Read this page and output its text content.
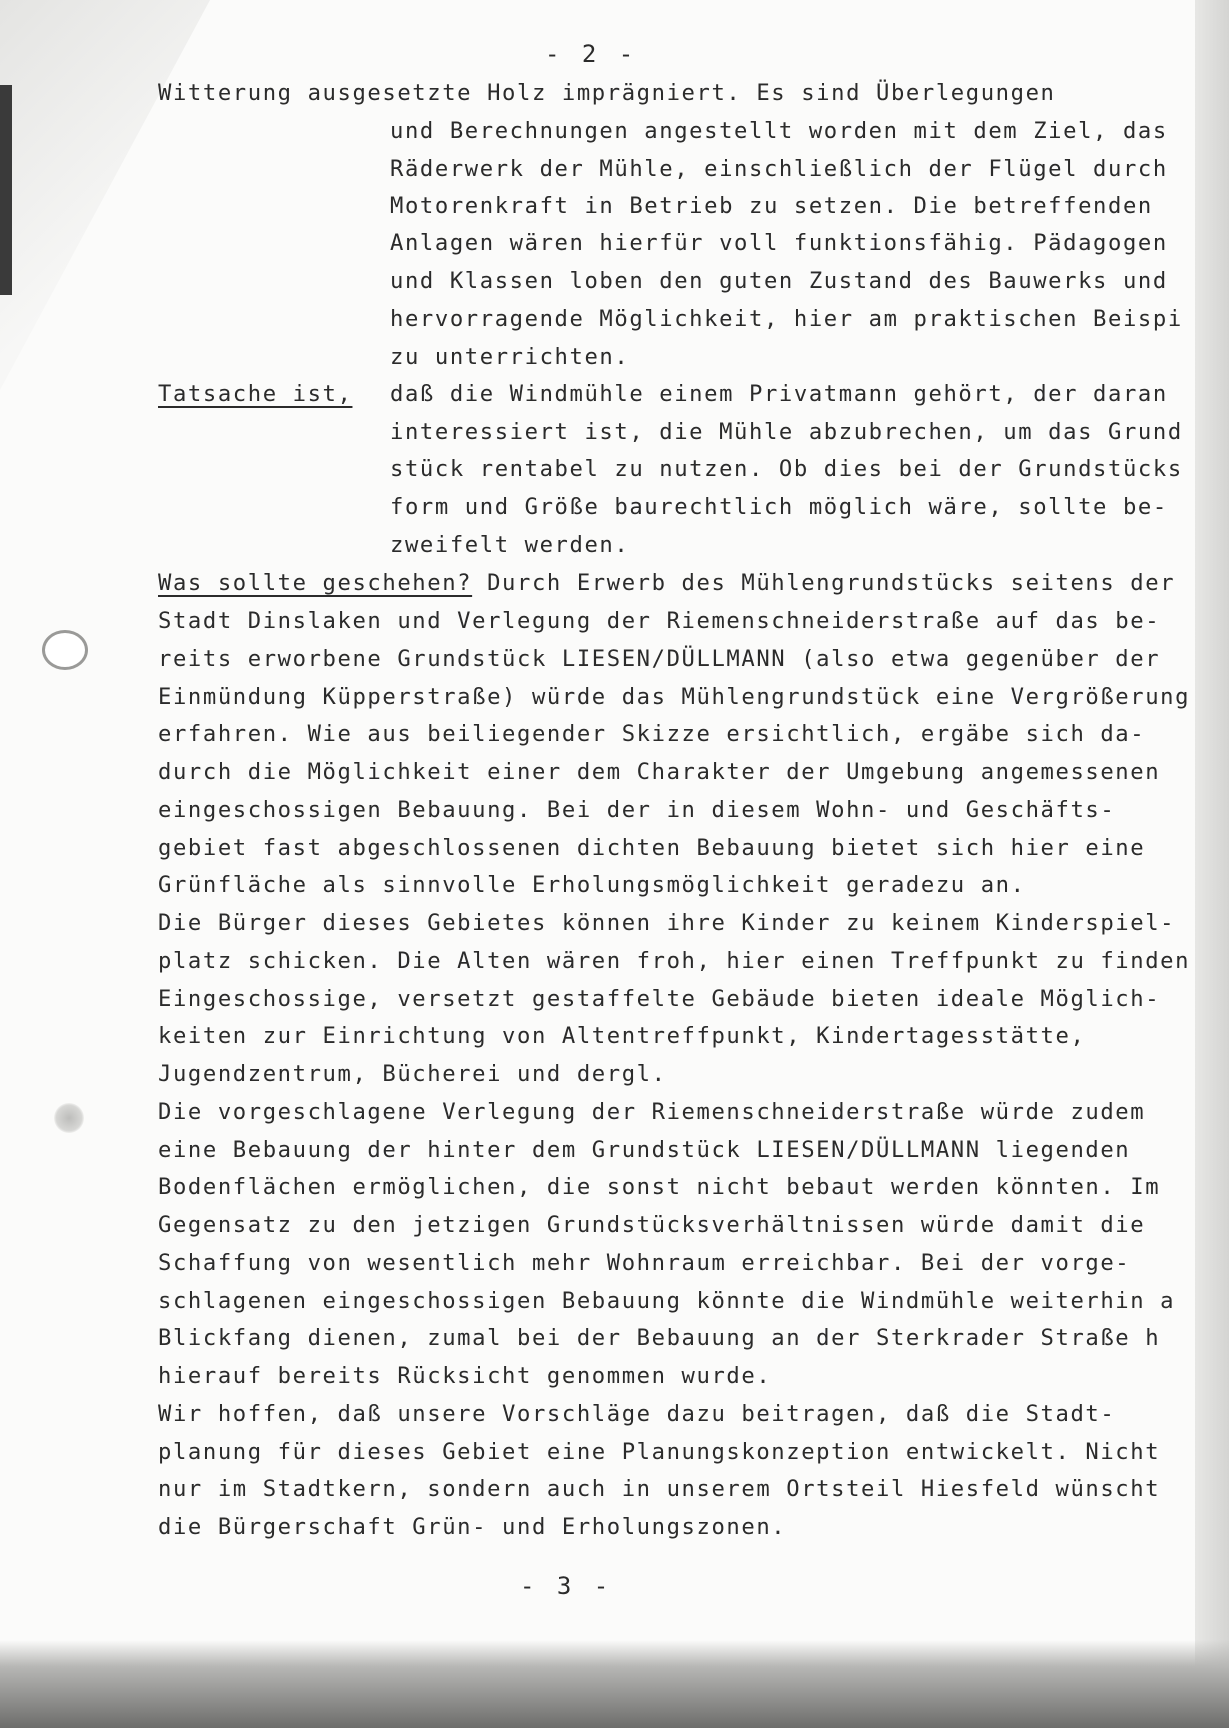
- 2 -
Witterung ausgesetzte Holz imprägniert. Es sind Überlegungen
und Berechnungen angestellt worden mit dem Ziel, das
Räderwerk der Mühle, einschließlich der Flügel durch
Motorenkraft in Betrieb zu setzen. Die betreffenden
Anlagen wären hierfür voll funktionsfähig. Pädagogen
und Klassen loben den guten Zustand des Bauwerks und
hervorragende Möglichkeit, hier am praktischen Beispi
zu unterrichten.
Tatsache ist, daß die Windmühle einem Privatmann gehört, der daran
interessiert ist, die Mühle abzubrechen, um das Grund
stück rentabel zu nutzen. Ob dies bei der Grundstücks
form und Größe baurechtlich möglich wäre, sollte be-
zweifelt werden.
Was sollte geschehen? Durch Erwerb des Mühlengrundstücks seitens der
Stadt Dinslaken und Verlegung der Riemenschneiderstraße auf das be-
reits erworbene Grundstück LIESEN/DÜLLMANN (also etwa gegenüber der
Einmündung Küpperstraße) würde das Mühlengrundstück eine Vergrößerung
erfahren. Wie aus beiliegender Skizze ersichtlich, ergäbe sich da-
durch die Möglichkeit einer dem Charakter der Umgebung angemessenen
eingeschossigen Bebauung. Bei der in diesem Wohn- und Geschäfts-
gebiet fast abgeschlossenen dichten Bebauung bietet sich hier eine
Grünfläche als sinnvolle Erholungsmöglichkeit geradezu an.
Die Bürger dieses Gebietes können ihre Kinder zu keinem Kinderspiel-
platz schicken. Die Alten wären froh, hier einen Treffpunkt zu finden
Eingeschossige, versetzt gestaffelte Gebäude bieten ideale Möglich-
keiten zur Einrichtung von Altentreffpunkt, Kindertagesstätte,
Jugendzentrum, Bücherei und dergl.
Die vorgeschlagene Verlegung der Riemenschneiderstraße würde zudem
eine Bebauung der hinter dem Grundstück LIESEN/DÜLLMANN liegenden
Bodenflächen ermöglichen, die sonst nicht bebaut werden könnten. Im
Gegensatz zu den jetzigen Grundstücksverhältnissen würde damit die
Schaffung von wesentlich mehr Wohnraum erreichbar. Bei der vorge-
schlagenen eingeschossigen Bebauung könnte die Windmühle weiterhin a
Blickfang dienen, zumal bei der Bebauung an der Sterkrader Straße h
hierauf bereits Rücksicht genommen wurde.
Wir hoffen, daß unsere Vorschläge dazu beitragen, daß die Stadt-
planung für dieses Gebiet eine Planungskonzeption entwickelt. Nicht
nur im Stadtkern, sondern auch in unserem Ortsteil Hiesfeld wünscht
die Bürgerschaft Grün- und Erholungszonen.
- 3 -
